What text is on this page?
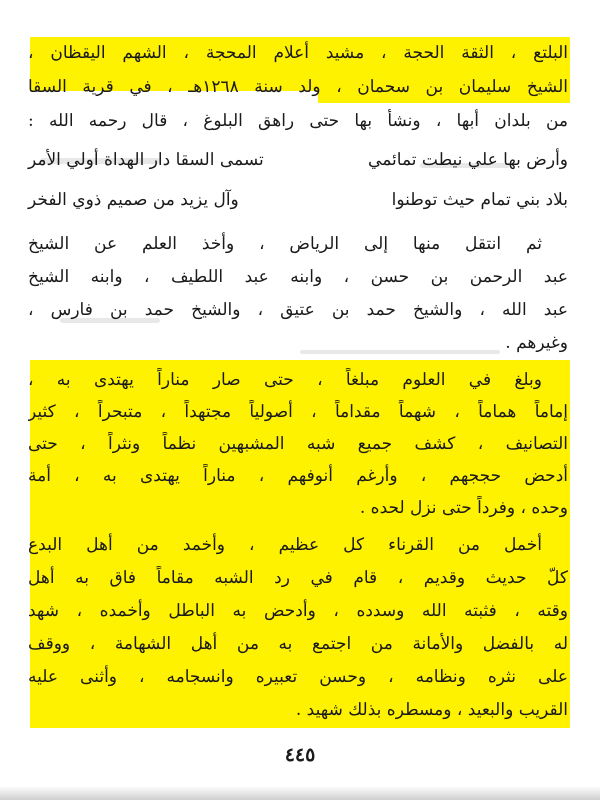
البلتع ، الثقة الحجة ، مشيد أعلام المحجة ، الشهم اليقظان ،
الشيخ سليمان بن سحمان ، ولد سنة ١٢٦٨هـ ، في قرية السقا
من بلدان أبها ، ونشأ بها حتى راهق البلوغ ، قال رحمه الله :
وأرض بها علي نيطت تمائمي
تسمى السقا دار الهداة أولي الأمر
بلاد بني تمام حيث توطنوا
وآل يزيد من صميم ذوي الفخر
ثم انتقل منها إلى الرياض ، وأخذ العلم عن الشيخ
عبد الرحمن بن حسن ، وابنه عبد اللطيف ، وابنه الشيخ
عبد الله ، والشيخ حمد بن عتيق ، والشيخ حمد بن فارس ،
وغيرهم .
وبلغ في العلوم مبلغاً ، حتى صار مناراً يهتدى به ،
إماماً هماماً ، شهماً مقداماً ، أصولياً مجتهداً ، متبحراً ، كثير
التصانيف ، كشف جميع شبه المشبهين نظماً ونثراً ، حتى
أدحض حججهم ، وأرغم أنوفهم ، مناراً يهتدى به ، أمة
وحده ، وفرداً حتى نزل لحده .
أخمل من القرناء كل عظيم ، وأخمد من أهل البدع
كلّ حديث وقديم ، قام في رد الشبه مقاماً فاق به أهل
وقته ، فثبته الله وسدده ، وأدحض به الباطل وأخمده ، شهد
له بالفضل والأمانة من اجتمع به من أهل الشهامة ، ووقف
على نثره ونظامه ، وحسن تعبيره وانسجامه ، وأثنى عليه
القريب والبعيد ، ومسطره بذلك شهيد .
٤٤٥
